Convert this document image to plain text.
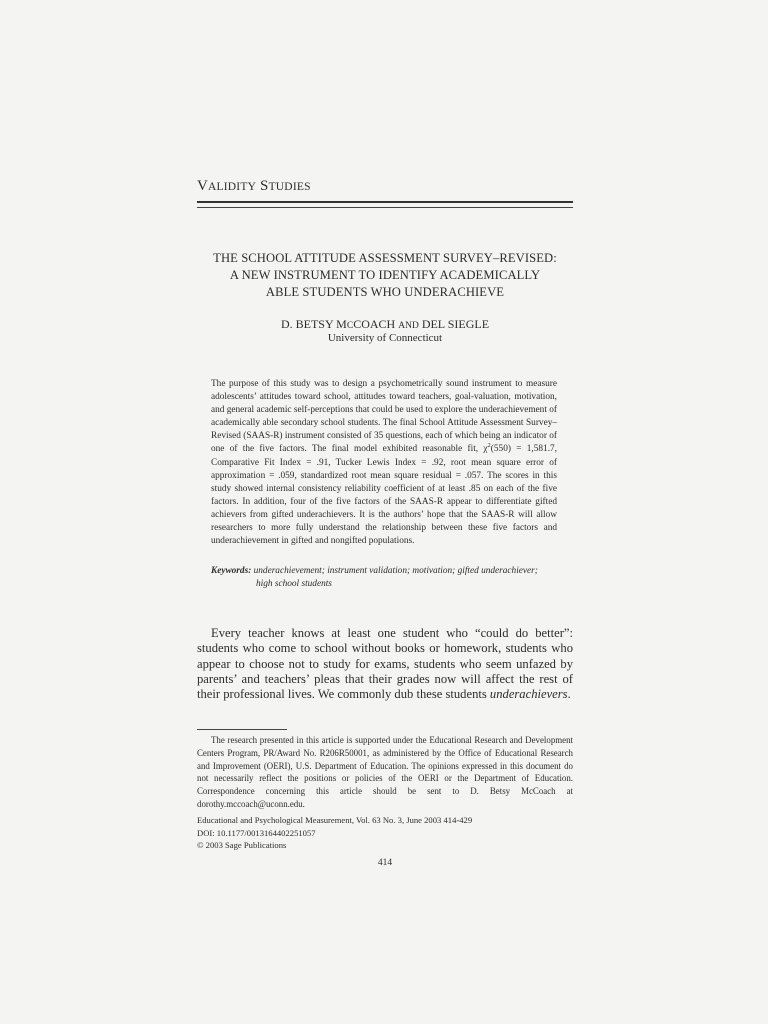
VALIDITY STUDIES
THE SCHOOL ATTITUDE ASSESSMENT SURVEY–REVISED:
A NEW INSTRUMENT TO IDENTIFY ACADEMICALLY
ABLE STUDENTS WHO UNDERACHIEVE
D. BETSY MCCOACH AND DEL SIEGLE
University of Connecticut
The purpose of this study was to design a psychometrically sound instrument to measure adolescents’ attitudes toward school, attitudes toward teachers, goal-valuation, motivation, and general academic self-perceptions that could be used to explore the underachievement of academically able secondary school students. The final School Attitude Assessment Survey–Revised (SAAS-R) instrument consisted of 35 questions, each of which being an indicator of one of the five factors. The final model exhibited reasonable fit, $\chi^2(550) = 1,581.7$, Comparative Fit Index = .91, Tucker Lewis Index = .92, root mean square error of approximation = .059, standardized root mean square residual = .057. The scores in this study showed internal consistency reliability coefficient of at least .85 on each of the five factors. In addition, four of the five factors of the SAAS-R appear to differentiate gifted achievers from gifted underachievers. It is the authors’ hope that the SAAS-R will allow researchers to more fully understand the relationship between these five factors and underachievement in gifted and nongifted populations.
Keywords: underachievement; instrument validation; motivation; gifted underachiever;
high school students
Every teacher knows at least one student who “could do better”: students who come to school without books or homework, students who appear to choose not to study for exams, students who seem unfazed by parents’ and teachers’ pleas that their grades now will affect the rest of their professional lives. We commonly dub these students underachievers.
The research presented in this article is supported under the Educational Research and Development Centers Program, PR/Award No. R206R50001, as administered by the Office of Educational Research and Improvement (OERI), U.S. Department of Education. The opinions expressed in this document do not necessarily reflect the positions or policies of the OERI or the Department of Education. Correspondence concerning this article should be sent to D. Betsy McCoach at dorothy.mccoach@uconn.edu.
Educational and Psychological Measurement, Vol. 63 No. 3, June 2003 414-429
DOI: 10.1177/0013164402251057
© 2003 Sage Publications
414
